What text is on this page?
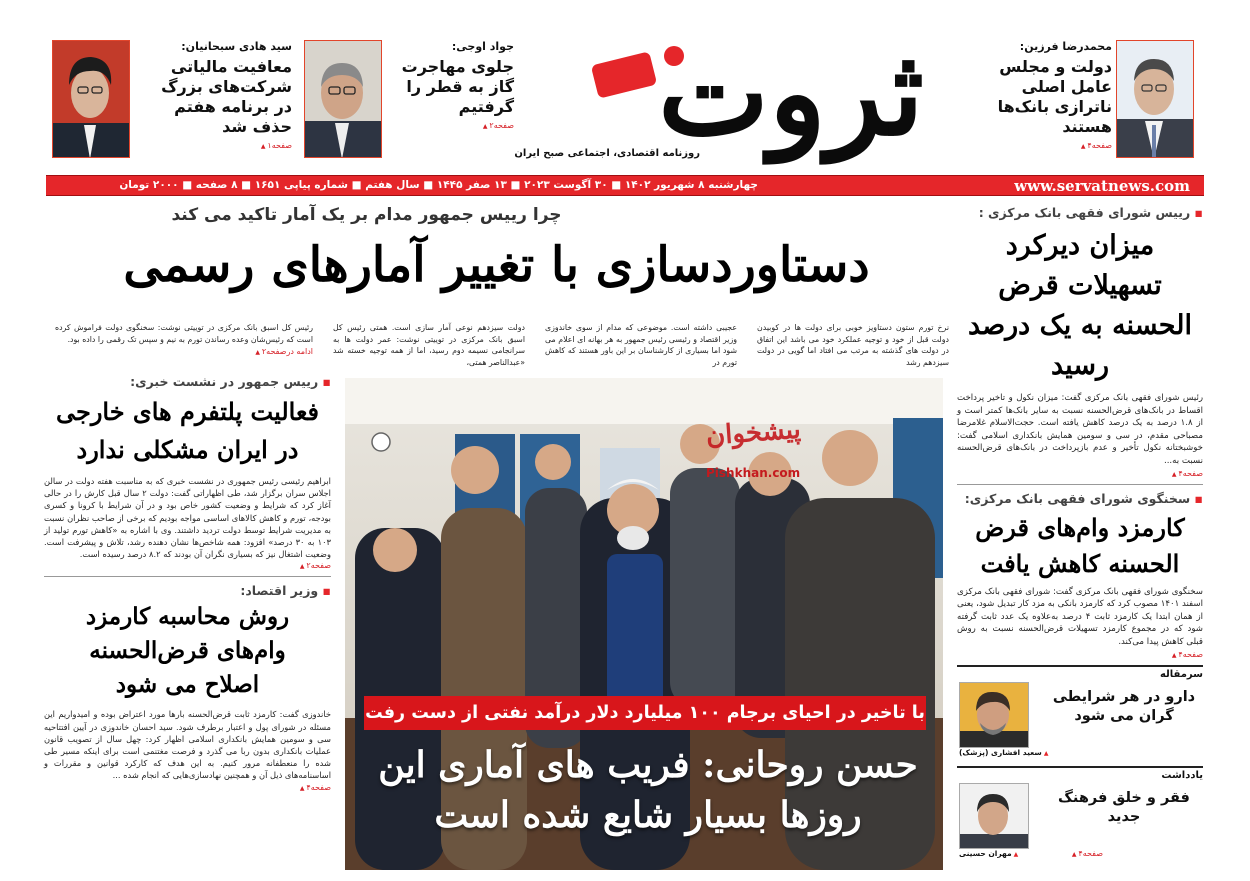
محمدرضا فرزین:
دولت و مجلس عامل اصلی ناترازی بانک‌ها هستند
صفحه۴ ▲
ثروت
روزنامه اقتصادی، اجتماعی صبح ایران
جواد اوجی:
جلوی مهاجرت گاز به قطر را گرفتیم
صفحه۲ ▲
سید هادی سبحانیان:
معافیت مالیاتی شرکت‌های بزرگ در برنامه هفتم حذف شد
صفحه۱ ▲
www.servatnews.com
چهارشنبه ۸ شهریور ۱۴۰۲ ■ ۳۰ آگوست ۲۰۲۳ ■ ۱۳ صفر ۱۴۴۵ ■ سال هفتم ■ شماره پیاپی ۱۶۵۱ ■ ۸ صفحه ■ ۲۰۰۰ تومان
▪ رییس شورای فقهی بانک مرکزی :
میزان دیرکرد تسهیلات قرض الحسنه به یک درصد رسید
رئیس شورای فقهی بانک مرکزی گفت: میزان نکول و تاخیر پرداخت اقساط در بانک‌های قرض‌الحسنه نسبت به سایر بانک‌ها کمتر است و از ۱.۸ درصد به یک درصد کاهش یافته است. حجت‌الاسلام غلامرضا مصباحی مقدم، در سی و سومین همایش بانکداری اسلامی گفت: خوشبختانه نکول تأخیر و عدم بازپرداخت در بانک‌های قرض‌الحسنه نسبت به...
صفحه۴ ▲
▪ سخنگوی شورای فقهی بانک مرکزی:
کارمزد وام‌های قرض الحسنه کاهش یافت
سخنگوی شورای فقهی بانک مرکزی گفت: شورای فقهی بانک مرکزی اسفند ۱۴۰۱ مصوب کرد که کارمزد بانکی به مزد کار تبدیل شود، یعنی از همان ابتدا یک کارمزد ثابت ۴ درصد به‌علاوه یک عدد ثابت گرفته شود که در مجموع کارمزد تسهیلات قرض‌الحسنه نسبت به روش قبلی کاهش پیدا می‌کند.
صفحه۴ ▲
سرمقاله
دارو در هر شرایطی گران می شود
▲ سعید افشاری (پزشک)
یادداشت
فقر و خلق فرهنگ جدید
▲ مهران حسینی	صفحه۴ ▲
چرا رییس جمهور مدام بر یک آمار تاکید می کند
دستاوردسازی با تغییر آمارهای رسمی
نرخ تورم ستون دستاویز خوبی برای دولت ها در کوبیدن دولت قبل از خود و توجیه عملکرد خود می باشد این اتفاق در دولت های گذشته به مرتب می افتاد اما گویی در دولت سیزدهم رشد
عجیبی داشته است. موضوعی که مدام از سوی خاندوزی وزیر اقتصاد و رئیسی رئیس جمهور به هر بهانه ای اعلام می شود اما بسیاری از کارشناسان بر این باور هستند که کاهش تورم در
دولت سیزدهم نوعی آمار سازی است. همتی رئیس کل اسبق بانک مرکزی در توییتی نوشت: عمر دولت ها به سرانجامی نسیمه دوم رسید، اما از همه توجیه خسته شد «عبدالناصر همتی،
رئیس کل اسبق بانک مرکزی در توییتی نوشت: سخنگوی دولت فراموش کرده است که رئیس‌شان وعده رساندن تورم به نیم و سپس تک رقمی را داده بود.
ادامه درصفحه۲ ▲
▪ رییس جمهور در نشست خبری:
فعالیت پلتفرم های خارجی در ایران مشکلی ندارد
ابراهیم رئیسی رئیس جمهوری در نشست خبری که به مناسبت هفته دولت در سالن اجلاس سران برگزار شد، طی اظهاراتی گفت: دولت ۲ سال قبل کارش را در حالی آغاز کرد که شرایط و وضعیت کشور خاص بود و در آن شرایط با کرونا و کسری بودجه، تورم و کاهش کالاهای اساسی مواجه بودیم که برخی از صاحب نظران نسبت به مدیریت شرایط توسط دولت تردید داشتند. وی با اشاره به «کاهش تورم تولید از ۱۰۳ به ۳۰ درصد» افزود: همه شاخص‌ها نشان دهنده رشد، تلاش و پیشرفت است. وضعیت اشتغال نیز که بسیاری نگران آن بودند که ۸.۲ درصد رسیده است.
صفحه۲ ▲
▪ وزیر اقتصاد:
روش محاسبه کارمزد وام‌های قرض‌الحسنه اصلاح می شود
خاندوزی گفت: کارمزد ثابت قرض‌الحسنه بارها مورد اعتراض بوده و امیدواریم این مسئله در شورای پول و اعتبار برطرف شود. سید احسان خاندوزی در آیین افتتاحیه سی و سومین همایش بانکداری اسلامی اظهار کرد: چهل سال از تصویب قانون عملیات بانکداری بدون ربا می گذرد و فرصت مغتنمی است برای اینکه مسیر طی شده را منعطفانه مرور کنیم. به این هدف که کارکرد قوانین و مقررات و اساسنامه‌های ذیل آن و همچنین نهادسازی‌هایی که انجام شده ...
صفحه۴ ▲
پیشخوان
Pishkhan.com
با تاخیر در احیای برجام ۱۰۰ میلیارد دلار درآمد نفتی از دست رفت
حسن روحانی: فریب های آماری این روزها بسیار شایع شده است
